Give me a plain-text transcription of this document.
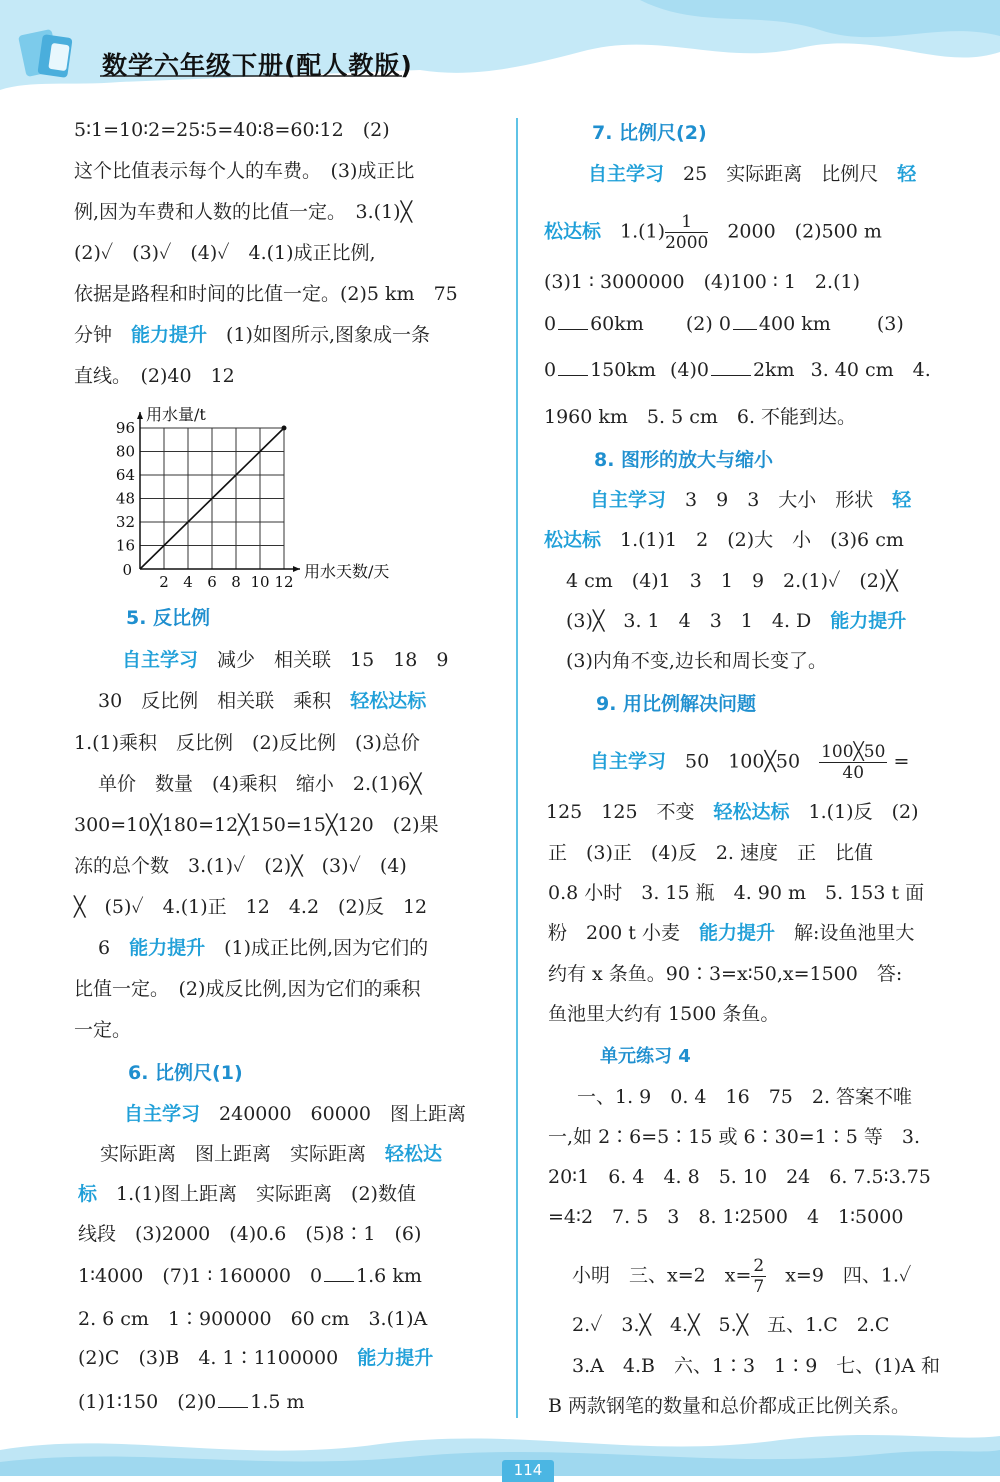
数学六年级下册(配人教版)
5∶1=10∶2=25∶5=40∶8=60∶12　(2)
这个比值表示每个人的车费。　(3)成正比
例,因为车费和人数的比值一定。　3.(1)╳
(2)✓　(3)✓　(4)✓　4.(1)成正比例,
依据是路程和时间的比值一定。(2)5 km　75
分钟　能力提升　(1)如图所示,图象成一条
直线。　(2)40　12
5. 反比例
自主学习　减少　相关联　15　18　9
30　反比例　相关联　乘积　轻松达标
1.(1)乘积　反比例　(2)反比例　(3)总价
单价　数量　(4)乘积　缩小　2.(1)6╳
300=10╳180=12╳150=15╳120　(2)果
冻的总个数　3.(1)✓　(2)╳　(3)✓　(4)
╳　(5)✓　4.(1)正　12　4.2　(2)反　12
6　能力提升　(1)成正比例,因为它们的
比值一定。　(2)成反比例,因为它们的乘积
一定。
6. 比例尺(1)
自主学习　240000　60000　图上距离
实际距离　图上距离　实际距离　轻松达
标　1.(1)图上距离　实际距离　(2)数值
线段　(3)2000　(4)0.6　(5)8∶1　(6)
1∶4000　(7)1 ∶ 160000　0 1.6 km
2. 6 cm　1∶900000　60 cm　3.(1)A
(2)C　(3)B　4. 1∶1100000　能力提升
(1)1∶150　(2)0 1.5 m
2 4 6 8 10 12
16
32
48
64
80
96
0
用水量/t
用水天数/天
7. 比例尺(2)
自主学习　25　实际距离　比例尺　轻
松达标　$1.(1) \frac{1}{2000}$ 　2000　(2)500 m
(3)1 ∶ 3000000　(4)100 ∶ 1　2.(1)
0 60km (2) 0 400 km (3)
0 150km (4)0 2km 3. 40 cm　4.
1960 km　5. 5 cm　6. 不能到达。
8. 图形的放大与缩小
自主学习　3　9　3　大小　形状　轻
松达标　1.(1)1　2　(2)大　小　(3)6 cm
4 cm　(4)1　3　1　9　2.(1)✓　(2)╳
(3)╳　3. 1　4　3　1　4. D　能力提升
(3)内角不变,边长和周长变了。
9. 用比例解决问题
自主学习　50　100╳50　 $\frac{100╳50}{40}$ =
125　125　不变　轻松达标　1.(1)反　(2)
正　(3)正　(4)反　2. 速度　正　比值
0.8 小时　3. 15 瓶　4. 90 m　5. 153 t 面
粉　200 t 小麦　能力提升　解:设鱼池里大
约有 x 条鱼。90∶3=x∶50,x=1500　答:
鱼池里大约有 1500 条鱼。
单元练习 4
　一、1. 9　0. 4　16　75　2. 答案不唯
一,如 2∶6=5∶15 或 6∶30=1∶5 等　3.
20∶1　6. 4　4. 8　5. 10　24　6. 7.5∶3.75
=4∶2　7. 5　3　8. 1∶2500　4　1∶5000
小明　三、x=2　$x= \frac{2}{7}$ 　x=9　四、1.✓
2.✓　3.╳　4.╳　5.╳　五、1.C　2.C
3.A　4.B　六、1∶3　1∶9　七、(1)A 和
B 两款钢笔的数量和总价都成正比例关系。
114
